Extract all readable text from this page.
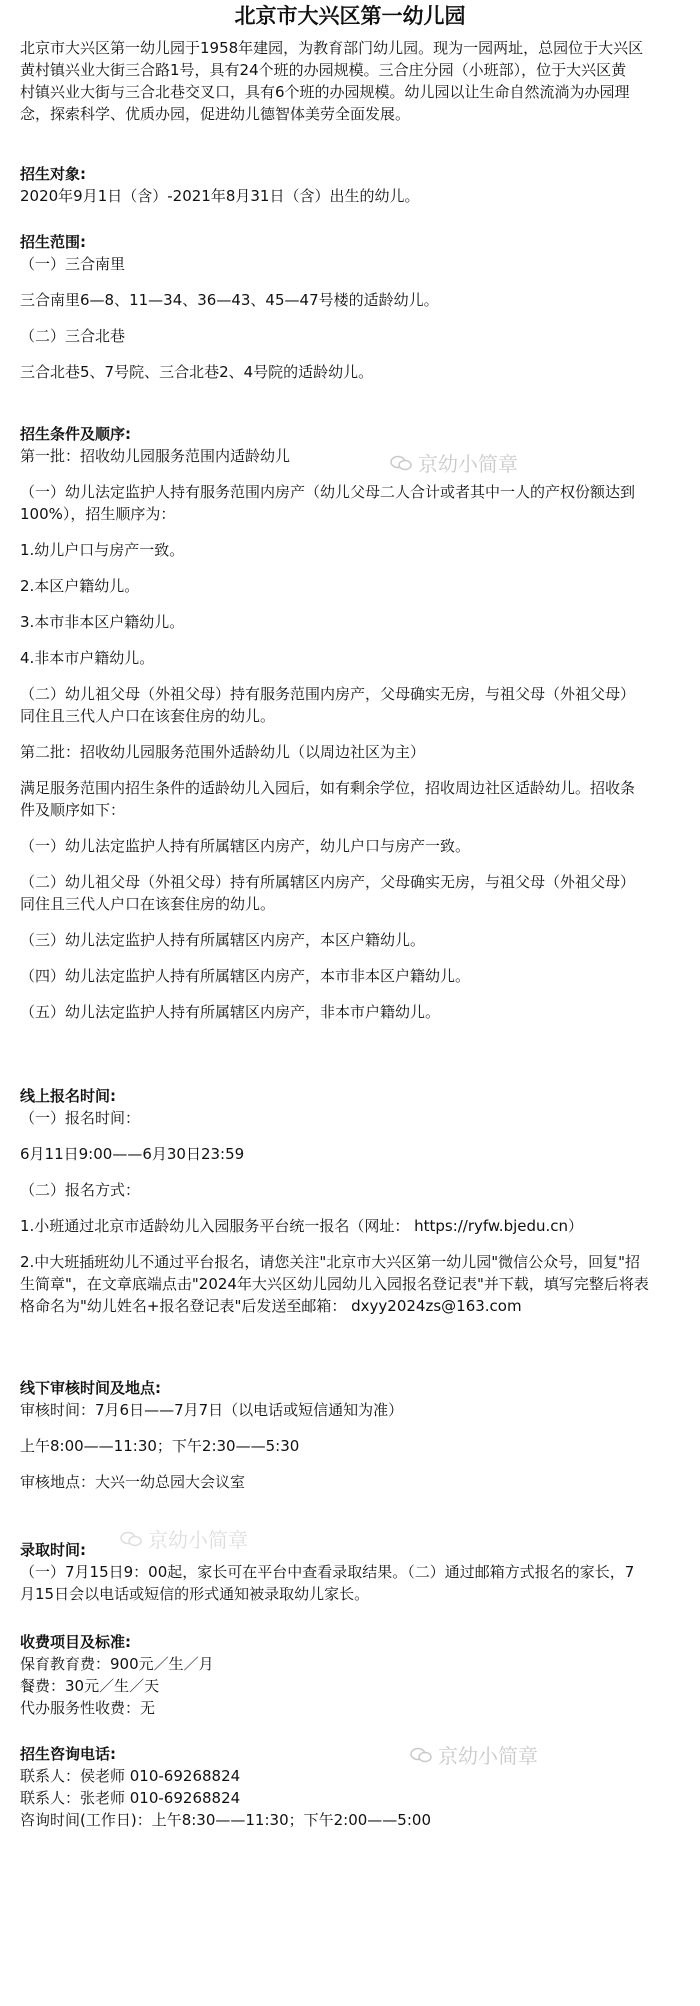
北京市大兴区第一幼儿园
北京市大兴区第一幼儿园于1958年建园，为教育部门幼儿园。现为一园两址，总园位于大兴区
黄村镇兴业大街三合路1号，具有24个班的办园规模。三合庄分园（小班部），位于大兴区黄
村镇兴业大街与三合北巷交叉口，具有6个班的办园规模。幼儿园以让生命自然流淌为办园理
念，探索科学、优质办园，促进幼儿德智体美劳全面发展。
招生对象:
2020年9月1日（含）-2021年8月31日（含）出生的幼儿。
招生范围:
（一）三合南里
三合南里6—8、11—34、36—43、45—47号楼的适龄幼儿。
（二）三合北巷
三合北巷5、7号院、三合北巷2、4号院的适龄幼儿。
招生条件及顺序:
第一批：招收幼儿园服务范围内适龄幼儿
（一）幼儿法定监护人持有服务范围内房产（幼儿父母二人合计或者其中一人的产权份额达到
100%），招生顺序为：
1.幼儿户口与房产一致。
2.本区户籍幼儿。
3.本市非本区户籍幼儿。
4.非本市户籍幼儿。
（二）幼儿祖父母（外祖父母）持有服务范围内房产，父母确实无房，与祖父母（外祖父母）
同住且三代人户口在该套住房的幼儿。
第二批：招收幼儿园服务范围外适龄幼儿（以周边社区为主）
满足服务范围内招生条件的适龄幼儿入园后，如有剩余学位，招收周边社区适龄幼儿。招收条
件及顺序如下：
（一）幼儿法定监护人持有所属辖区内房产，幼儿户口与房产一致。
（二）幼儿祖父母（外祖父母）持有所属辖区内房产，父母确实无房，与祖父母（外祖父母）
同住且三代人户口在该套住房的幼儿。
（三）幼儿法定监护人持有所属辖区内房产，本区户籍幼儿。
（四）幼儿法定监护人持有所属辖区内房产，本市非本区户籍幼儿。
（五）幼儿法定监护人持有所属辖区内房产，非本市户籍幼儿。
线上报名时间:
（一）报名时间：
6月11日9:00——6月30日23:59
（二）报名方式：
1.小班通过北京市适龄幼儿入园服务平台统一报名（网址： https://ryfw.bjedu.cn）
2.中大班插班幼儿不通过平台报名，请您关注"北京市大兴区第一幼儿园"微信公众号，回复"招
生简章"，在文章底端点击"2024年大兴区幼儿园幼儿入园报名登记表"并下载，填写完整后将表
格命名为"幼儿姓名+报名登记表"后发送至邮箱： dxyy2024zs@163.com
线下审核时间及地点:
审核时间：7月6日——7月7日（以电话或短信通知为准）
上午8:00——11:30；下午2:30——5:30
审核地点：大兴一幼总园大会议室
录取时间:
（一）7月15日9：00起，家长可在平台中查看录取结果。（二）通过邮箱方式报名的家长，7
月15日会以电话或短信的形式通知被录取幼儿家长。
收费项目及标准:
保育教育费：900元／生／月
餐费：30元／生／天
代办服务性收费：无
招生咨询电话:
联系人：侯老师 010-69268824
联系人：张老师 010-69268824
咨询时间(工作日)：上午8:30——11:30；下午2:00——5:00
京幼小简章
京幼小简章
京幼小简章
